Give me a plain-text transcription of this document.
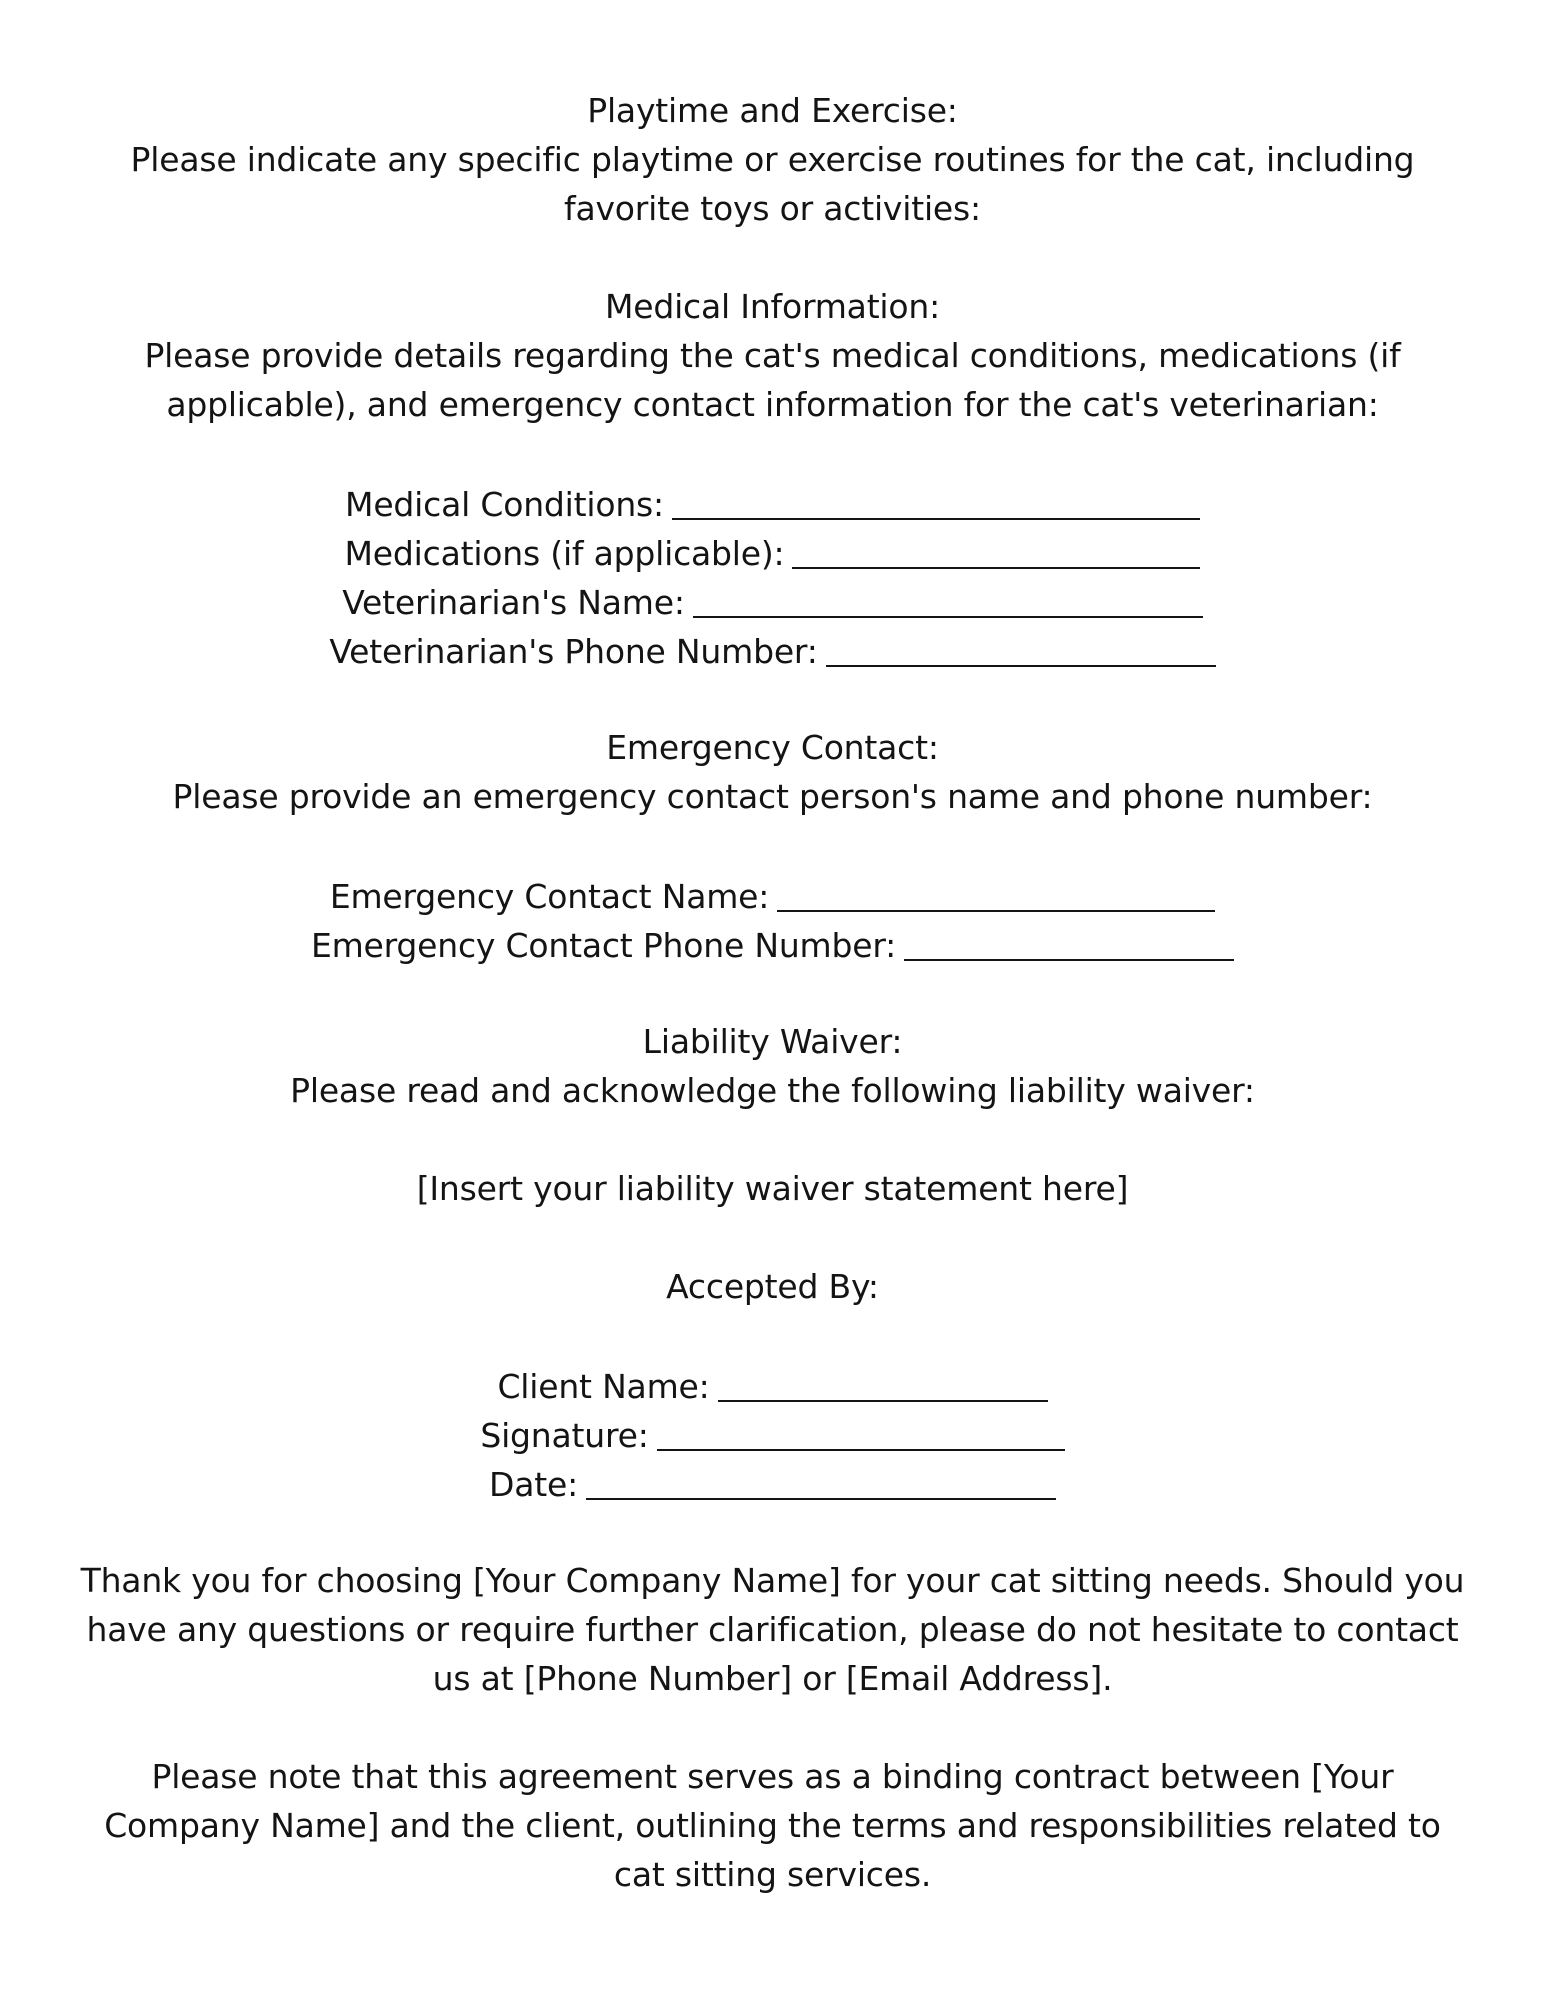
Playtime and Exercise:
Please indicate any specific playtime or exercise routines for the cat, including
favorite toys or activities:
Medical Information:
Please provide details regarding the cat's medical conditions, medications (if
applicable), and emergency contact information for the cat's veterinarian:
Medical Conditions:
Medications (if applicable):
Veterinarian's Name:
Veterinarian's Phone Number:
Emergency Contact:
Please provide an emergency contact person's name and phone number:
Emergency Contact Name:
Emergency Contact Phone Number:
Liability Waiver:
Please read and acknowledge the following liability waiver:
[Insert your liability waiver statement here]
Accepted By:
Client Name:
Signature:
Date:
Thank you for choosing [Your Company Name] for your cat sitting needs. Should you
have any questions or require further clarification, please do not hesitate to contact
us at [Phone Number] or [Email Address].
Please note that this agreement serves as a binding contract between [Your
Company Name] and the client, outlining the terms and responsibilities related to
cat sitting services.
